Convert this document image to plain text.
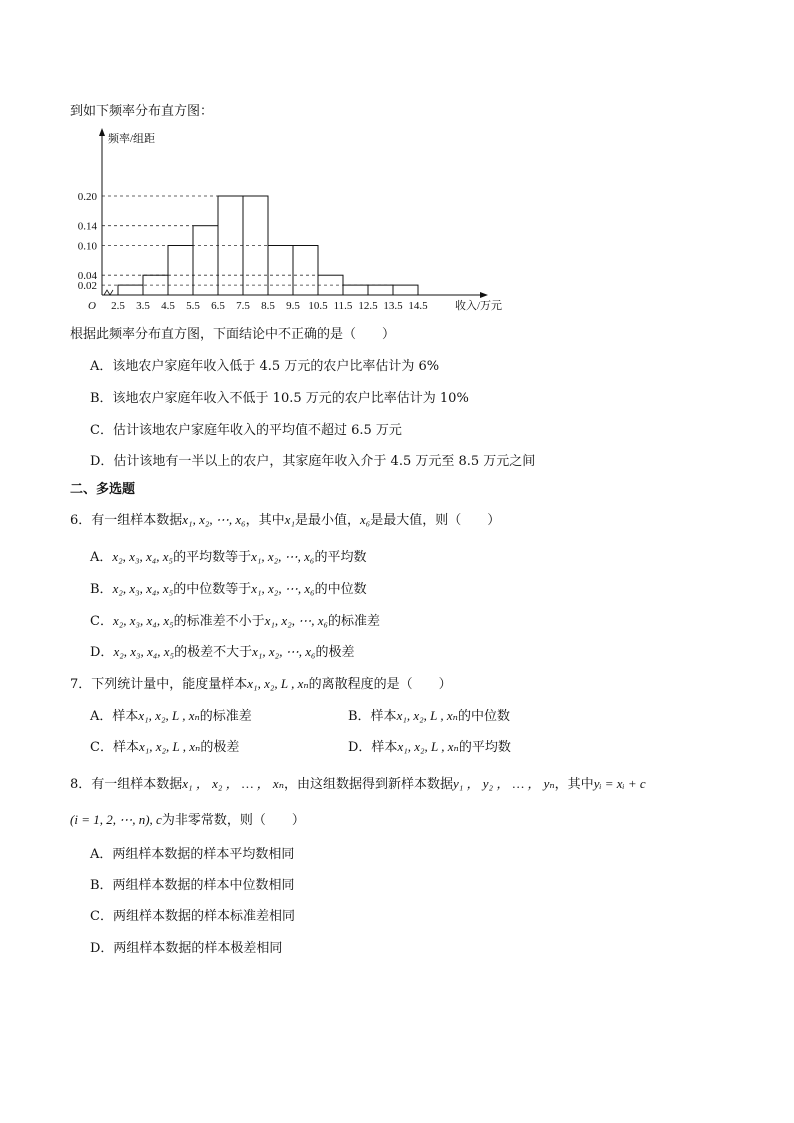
到如下频率分布直方图：
0.20
0.14
0.10
0.04
0.02
2.5 3.5 4.5 5.5 6.5 7.5 8.5 9.5 10.5 11.5 12.5 13.5 14.5
O
频率/组距
收入/万元
根据此频率分布直方图，下面结论中不正确的是（　　）
A．该地农户家庭年收入低于 4.5 万元的农户比率估计为 6%
B．该地农户家庭年收入不低于 10.5 万元的农户比率估计为 10%
C．估计该地农户家庭年收入的平均值不超过 6.5 万元
D．估计该地有一半以上的农户，其家庭年收入介于 4.5 万元至 8.5 万元之间
二、多选题
6．有一组样本数据x₁, x₂, ⋯, x₆，其中x₁是最小值，x₆是最大值，则（　　）
A．x₂, x₃, x₄, x₅的平均数等于x₁, x₂, ⋯, x₆的平均数
B．x₂, x₃, x₄, x₅的中位数等于x₁, x₂, ⋯, x₆的中位数
C．x₂, x₃, x₄, x₅的标准差不小于x₁, x₂, ⋯, x₆的标准差
D．x₂, x₃, x₄, x₅的极差不大于x₁, x₂, ⋯, x₆的极差
7．下列统计量中，能度量样本x₁, x₂, L , xₙ的离散程度的是（　　）
A．样本x₁, x₂, L , xₙ的标准差	B．样本x₁, x₂, L , xₙ的中位数
C．样本x₁, x₂, L , xₙ的极差	D．样本x₁, x₂, L , xₙ的平均数
8．有一组样本数据x₁ ， x₂ ， … ， xₙ，由这组数据得到新样本数据y₁ ， y₂ ， … ， yₙ，其中yᵢ = xᵢ + c
(i = 1, 2, ⋯, n), c为非零常数，则（　　）
A．两组样本数据的样本平均数相同
B．两组样本数据的样本中位数相同
C．两组样本数据的样本标准差相同
D．两组样本数据的样本极差相同
